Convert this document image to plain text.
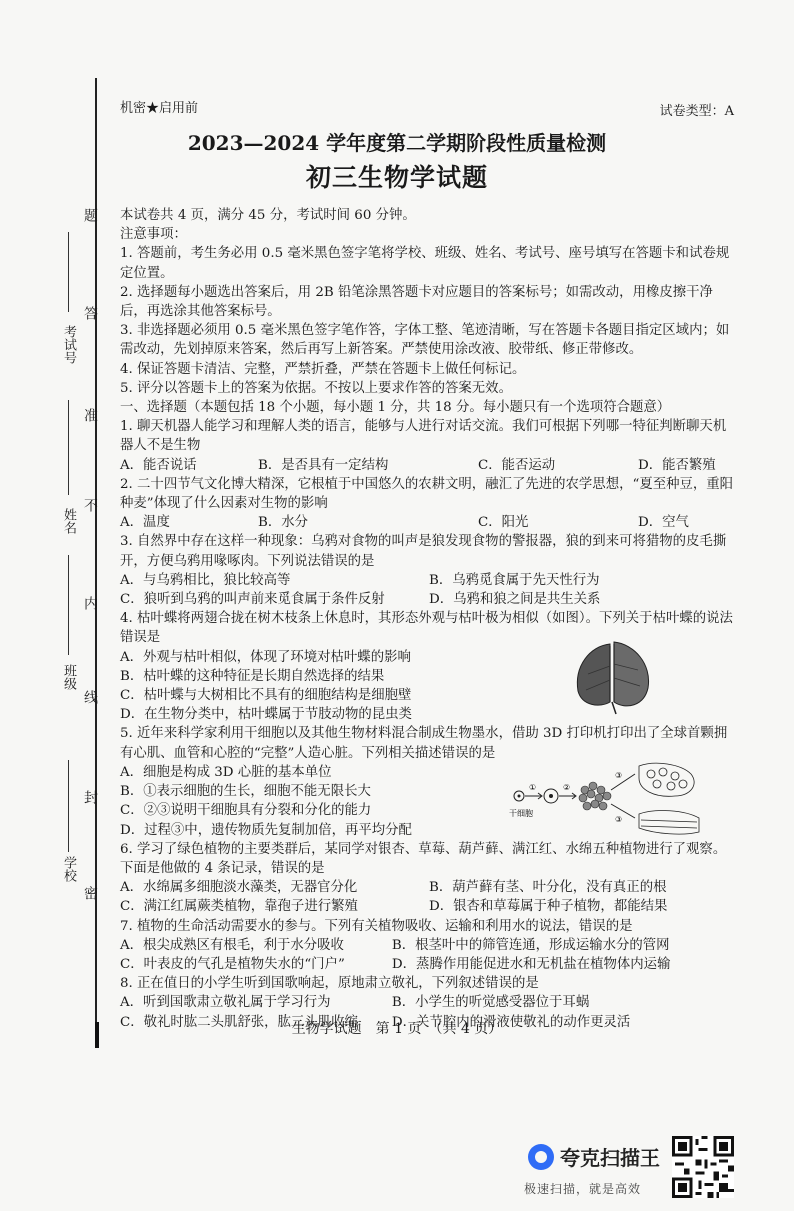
考试号
姓名
班级
学校
题
答
准
不
内
线
封
密
机密★启用前	试卷类型：A
2023—2024 学年度第二学期阶段性质量检测
初三生物学试题

本试卷共 4 页，满分 45 分，考试时间 60 分钟。

注意事项：

1. 答题前，考生务必用 0.5 毫米黑色签字笔将学校、班级、姓名、考试号、座号填写在答题卡和试卷规定位置。

2. 选择题每小题选出答案后，用 2B 铅笔涂黑答题卡对应题目的答案标号；如需改动，用橡皮擦干净后，再选涂其他答案标号。

3. 非选择题必须用 0.5 毫米黑色签字笔作答，字体工整、笔迹清晰，写在答题卡各题目指定区域内；如需改动，先划掉原来答案，然后再写上新答案。严禁使用涂改液、胶带纸、修正带修改。

4. 保证答题卡清洁、完整，严禁折叠，严禁在答题卡上做任何标记。

5. 评分以答题卡上的答案为依据。不按以上要求作答的答案无效。

一、选择题（本题包括 18 个小题，每小题 1 分，共 18 分。每小题只有一个选项符合题意）

1. 聊天机器人能学习和理解人类的语言，能够与人进行对话交流。我们可根据下列哪一特征判断聊天机器人不是生物

A．能否说话	B．是否具有一定结构	C．能否运动	D．能否繁殖

2. 二十四节气文化博大精深，它根植于中国悠久的农耕文明，融汇了先进的农学思想，“夏至种豆，重阳种麦”体现了什么因素对生物的影响

A．温度	B．水分	C．阳光	D．空气

3. 自然界中存在这样一种现象：乌鸦对食物的叫声是狼发现食物的警报器，狼的到来可将猎物的皮毛撕开，方便乌鸦用喙啄肉。下列说法错误的是

A．与乌鸦相比，狼比较高等	B．乌鸦觅食属于先天性行为
C．狼听到乌鸦的叫声前来觅食属于条件反射	D．乌鸦和狼之间是共生关系

4. 枯叶蝶将两翅合拢在树木枝条上休息时，其形态外观与枯叶极为相似（如图）。下列关于枯叶蝶的说法错误是

A．外观与枯叶相似，体现了环境对枯叶蝶的影响

B．枯叶蝶的这种特征是长期自然选择的结果

C．枯叶蝶与大树相比不具有的细胞结构是细胞壁

D．在生物分类中，枯叶蝶属于节肢动物的昆虫类

5. 近年来科学家利用干细胞以及其他生物材料混合制成生物墨水，借助 3D 打印机打印出了全球首颗拥有心肌、血管和心腔的“完整”人造心脏。下列相关描述错误的是

A．细胞是构成 3D 心脏的基本单位

B．①表示细胞的生长，细胞不能无限长大

C．②③说明干细胞具有分裂和分化的能力

D．过程③中，遗传物质先复制加倍，再平均分配

6. 学习了绿色植物的主要类群后，某同学对银杏、草莓、葫芦藓、满江红、水绵五种植物进行了观察。下面是他做的 4 条记录，错误的是

A．水绵属多细胞淡水藻类，无器官分化	B．葫芦藓有茎、叶分化，没有真正的根
C．满江红属蕨类植物，靠孢子进行繁殖	D．银杏和草莓属于种子植物，都能结果

7. 植物的生命活动需要水的参与。下列有关植物吸收、运输和利用水的说法，错误的是

A．根尖成熟区有根毛，利于水分吸收	B．根茎叶中的筛管连通，形成运输水分的管网
C．叶表皮的气孔是植物失水的“门户”	D．蒸腾作用能促进水和无机盐在植物体内运输

8. 正在值日的小学生听到国歌响起，原地肃立敬礼，下列叙述错误的是

A．听到国歌肃立敬礼属于学习行为	B．小学生的听觉感受器位于耳蜗
C．敬礼时肱二头肌舒张，肱三头肌收缩	D．关节腔内的滑液使敬礼的动作更灵活
干细胞
①	②
③
③
生物学试题　第 1 页　（共 4 页）
夸克扫描王
极速扫描，就是高效
